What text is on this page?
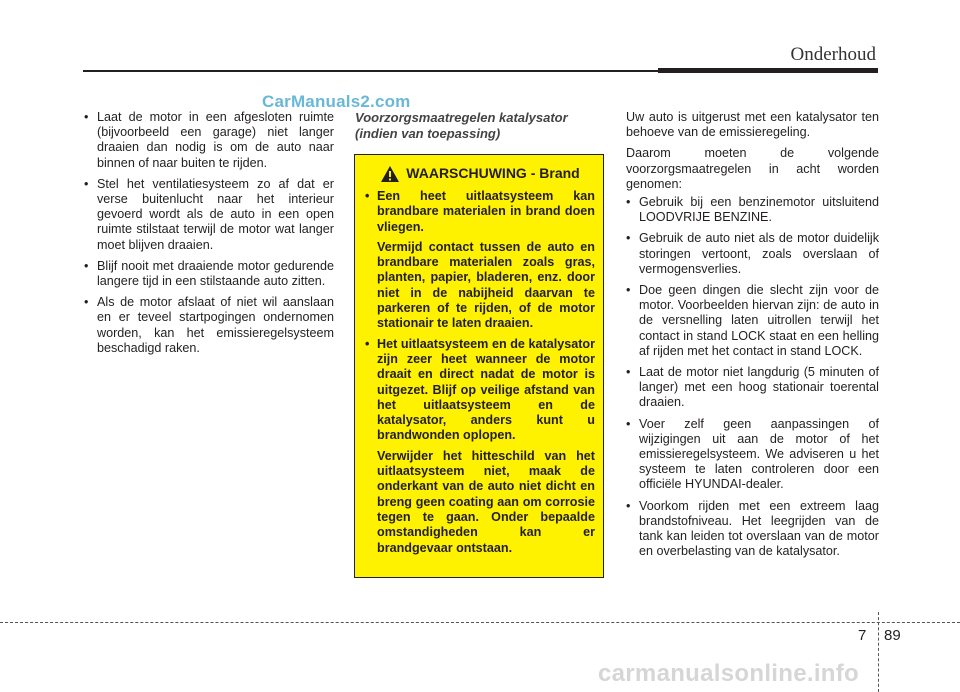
Onderhoud
CarManuals2.com
• Laat de motor in een afgesloten ruimte (bijvoorbeeld een garage) niet langer draaien dan nodig is om de auto naar binnen of naar buiten te rijden.
• Stel het ventilatiesysteem zo af dat er verse buitenlucht naar het interieur gevoerd wordt als de auto in een open ruimte stilstaat terwijl de motor wat langer moet blijven draaien.
• Blijf nooit met draaiende motor gedurende langere tijd in een stilstaande auto zitten.
• Als de motor afslaat of niet wil aanslaan en er teveel startpogingen ondernomen worden, kan het emissieregelsysteem beschadigd raken.
Voorzorgsmaatregelen katalysator
(indien van toepassing)
WAARSCHUWING - Brand
• Een heet uitlaatsysteem kan brandbare materialen in brand doen vliegen.

Vermijd contact tussen de auto en brandbare materialen zoals gras, planten, papier, bladeren, enz. door niet in de nabijheid daarvan te parkeren of te rijden, of de motor stationair te laten draaien.

• Het uitlaatsysteem en de katalysator zijn zeer heet wanneer de motor draait en direct nadat de motor is uitgezet. Blijf op veilige afstand van het uitlaatsysteem en de katalysator, anders kunt u brandwonden oplopen.

Verwijder het hitteschild van het uitlaatsysteem niet, maak de onderkant van de auto niet dicht en breng geen coating aan om corrosie tegen te gaan. Onder bepaalde omstandigheden kan er brandgevaar ontstaan.

Uw auto is uitgerust met een katalysator ten behoeve van de emissieregeling.

Daarom moeten de volgende voorzorgsmaatregelen in acht worden genomen:

• Gebruik bij een benzinemotor uitsluitend LOODVRIJE BENZINE.
• Gebruik de auto niet als de motor duidelijk storingen vertoont, zoals overslaan of vermogensverlies.
• Doe geen dingen die slecht zijn voor de motor. Voorbeelden hiervan zijn: de auto in de versnelling laten uitrollen terwijl het contact in stand LOCK staat en een helling af rijden met het contact in stand LOCK.
• Laat de motor niet langdurig (5 minuten of langer) met een hoog stationair toerental draaien.
• Voer zelf geen aanpassingen of wijzigingen uit aan de motor of het emissieregelsysteem. We adviseren u het systeem te laten controleren door een officiële HYUNDAI-dealer.
• Voorkom rijden met een extreem laag brandstofniveau. Het leegrijden van de tank kan leiden tot overslaan van de motor en overbelasting van de katalysator.
7 89
carmanualsonline.info
